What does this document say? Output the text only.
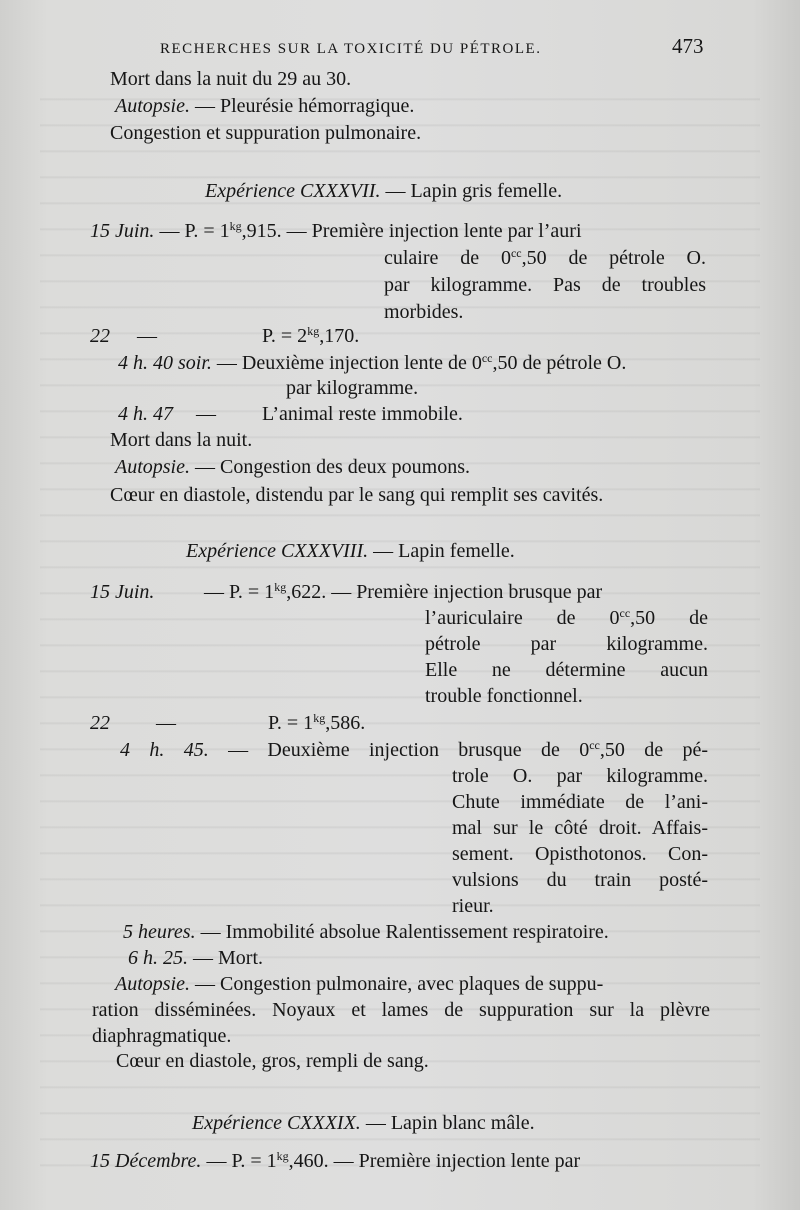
RECHERCHES SUR LA TOXICITÉ DU PÉTROLE.	473
Mort dans la nuit du 29 au 30.
Autopsie. — Pleurésie hémorragique.
Congestion et suppuration pulmonaire.
Expérience CXXXVII. — Lapin gris femelle.
15 Juin. — P. = $1^{kg},915$. — Première injection lente par l’auri
culaire de $0^{cc},50$ de pétrole O.
par kilogramme. Pas de troubles
morbides.
22 —	P. = $2^{kg},170$.
4 h. 40 soir. — Deuxième injection lente de $0^{cc},50$ de pétrole O.
par kilogramme.
4 h. 47 — L’animal reste immobile.
Mort dans la nuit.
Autopsie. — Congestion des deux poumons.
Cœur en diastole, distendu par le sang qui remplit ses cavités.
Expérience CXXXVIII. — Lapin femelle.
15 Juin. — P. = $1^{kg},622$. — Première injection brusque par
l’auriculaire de $0^{cc},50$ de
pétrole par kilogramme.
Elle ne détermine aucun
trouble fonctionnel.
22 —	P. = $1^{kg},586$.
4 h. 45. — Deuxième injection brusque de $0^{cc},50$ de pé-
trole O. par kilogramme.
Chute immédiate de l’ani-
mal sur le côté droit. Affais-
sement. Opisthotonos. Con-
vulsions du train posté-
rieur.
5 heures. — Immobilité absolue Ralentissement respiratoire.
6 h. 25. — Mort.
Autopsie. — Congestion pulmonaire, avec plaques de suppu-
ration disséminées. Noyaux et lames de suppuration sur la plèvre
diaphragmatique.
Cœur en diastole, gros, rempli de sang.
Expérience CXXXIX. — Lapin blanc mâle.
15 Décembre. — P. = $1^{kg},460$. — Première injection lente par
